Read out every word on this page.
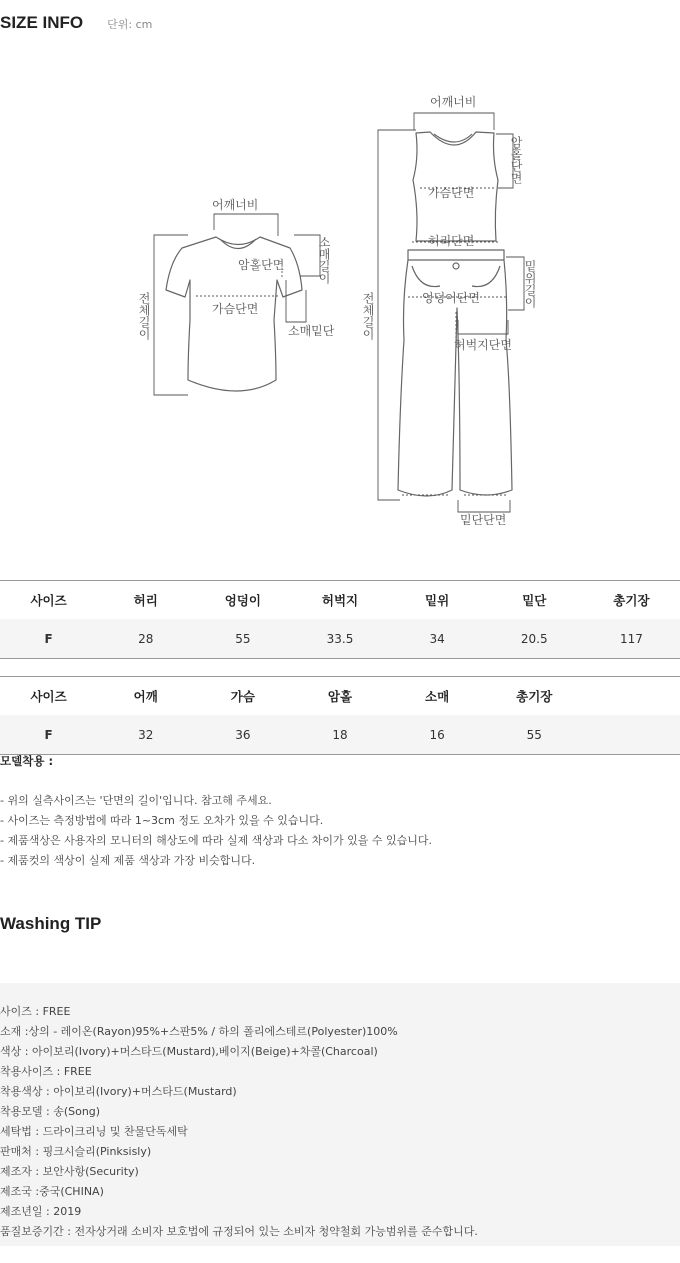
SIZE INFO 단위: cm
어깨너비
암홀단면
가슴단면
소매밑단
소매길이
전체길이
어깨너비
암홀단면
가슴단면
허리단면
엉덩이단면	밑위길이
허벅지단면
전체길이
밑단단면
사이즈	허리	엉덩이	허벅지	밑위	밑단	총기장
F	28	55	33.5	34	20.5	117
사이즈	어깨	가슴	암홀	소매	총기장	
F	32	36	18	16	55	
모델착용 :
- 위의 실측사이즈는 '단면의 길이'입니다. 참고해 주세요.
- 사이즈는 측정방법에 따라 1~3cm 정도 오차가 있을 수 있습니다.
- 제품색상은 사용자의 모니터의 해상도에 따라 실제 색상과 다소 차이가 있을 수 있습니다.
- 제품컷의 색상이 실제 제품 색상과 가장 비슷합니다.
Washing TIP
사이즈 : FREE
소재 :상의 - 레이온(Rayon)95%+스판5% / 하의 폴리에스테르(Polyester)100%
색상 : 아이보리(Ivory)+머스타드(Mustard),베이지(Beige)+차콜(Charcoal)
착용사이즈 : FREE
착용색상 : 아이보리(Ivory)+머스타드(Mustard)
착용모델 : 송(Song)
세탁법 : 드라이크리닝 및 찬물단독세탁
판매처 : 핑크시슬리(Pinksisly)
제조자 : 보안사항(Security)
제조국 :중국(CHINA)
제조년일 : 2019
품질보증기간 : 전자상거래 소비자 보호법에 규정되어 있는 소비자 청약철회 가능범위를 준수합니다.
